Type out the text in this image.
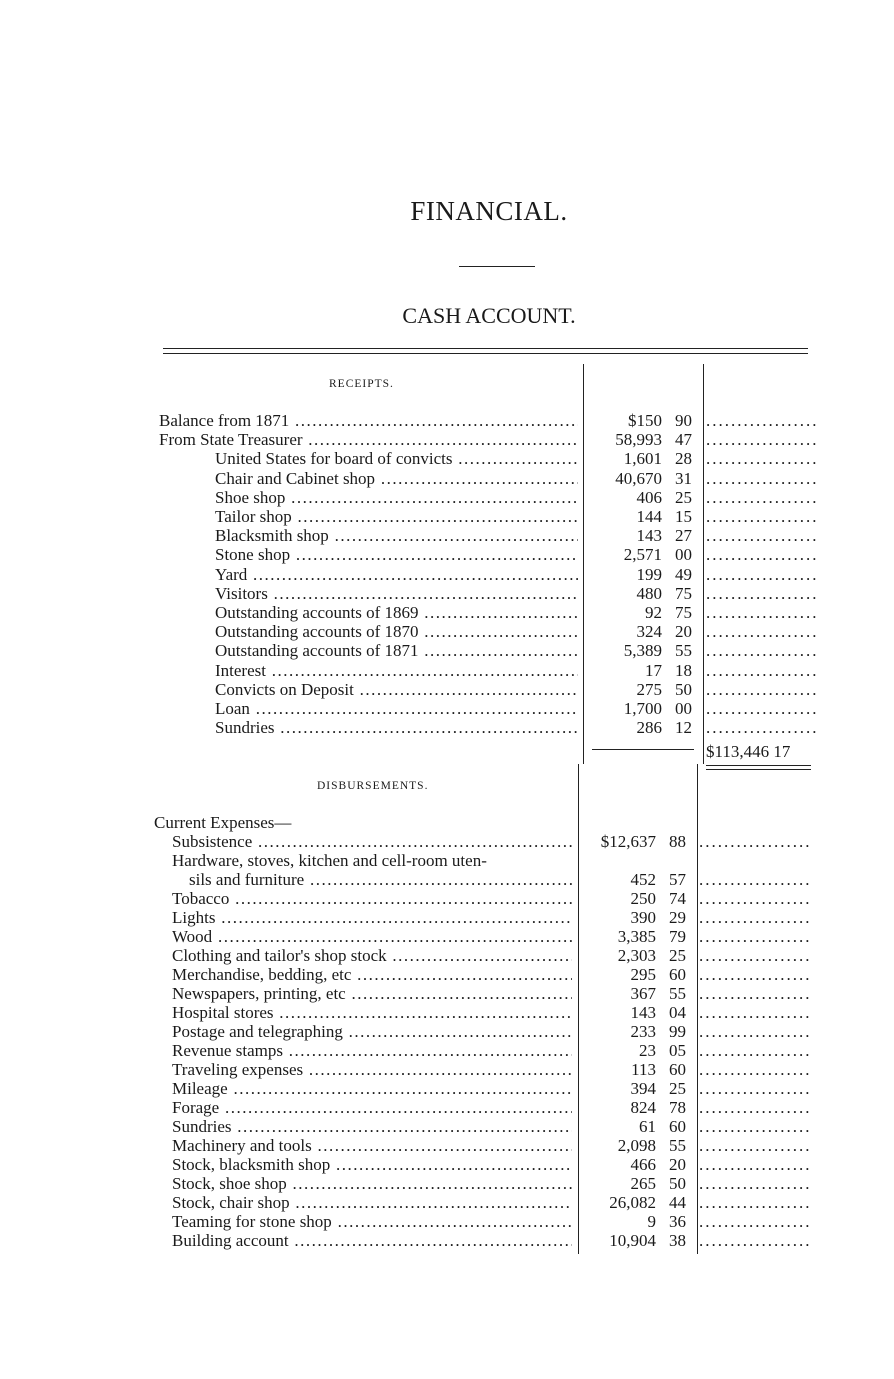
FINANCIAL.
CASH ACCOUNT.
RECEIPTS.
Balance from 1871 .....	$150 90
.....
From State Treasurer .....	58,993 47
.....
United States for board of convicts .....	1,601 28
.....
Chair and Cabinet shop .....	40,670 31
.....
Shoe shop .....	406 25
.....
Tailor shop .....	144 15
.....
Blacksmith shop .....	143 27
.....
Stone shop .....	2,571 00
.....
Yard .....	199 49
.....
Visitors .....	480 75
.....
Outstanding accounts of 1869 .....	92 75
.....
Outstanding accounts of 1870 .....	324 20
.....
Outstanding accounts of 1871 .....	5,389 55
.....
Interest .....	17 18
.....
Convicts on Deposit .....	275 50
.....
Loan .....	1,700 00
.....
Sundries .....	286 12
.....
$113,446 17
DISBURSEMENTS.
Current Expenses—
Subsistence .....	$12,637 88
.....
Hardware, stoves, kitchen and cell-room uten-
sils and furniture .....	452 57
.....
Tobacco .....	250 74
.....
Lights .....	390 29
.....
Wood .....	3,385 79
.....
Clothing and tailor's shop stock .....	2,303 25
.....
Merchandise, bedding, etc .....	295 60
.....
Newspapers, printing, etc .....	367 55
.....
Hospital stores .....	143 04
.....
Postage and telegraphing .....	233 99
.....
Revenue stamps .....	23 05
.....
Traveling expenses .....	113 60
.....
Mileage .....	394 25
.....
Forage .....	824 78
.....
Sundries .....	61 60
.....
Machinery and tools .....	2,098 55
.....
Stock, blacksmith shop .....	466 20
.....
Stock, shoe shop .....	265 50
.....
Stock, chair shop .....	26,082 44
.....
Teaming for stone shop .....	9 36
.....
Building account .....	10,904 38
.....
